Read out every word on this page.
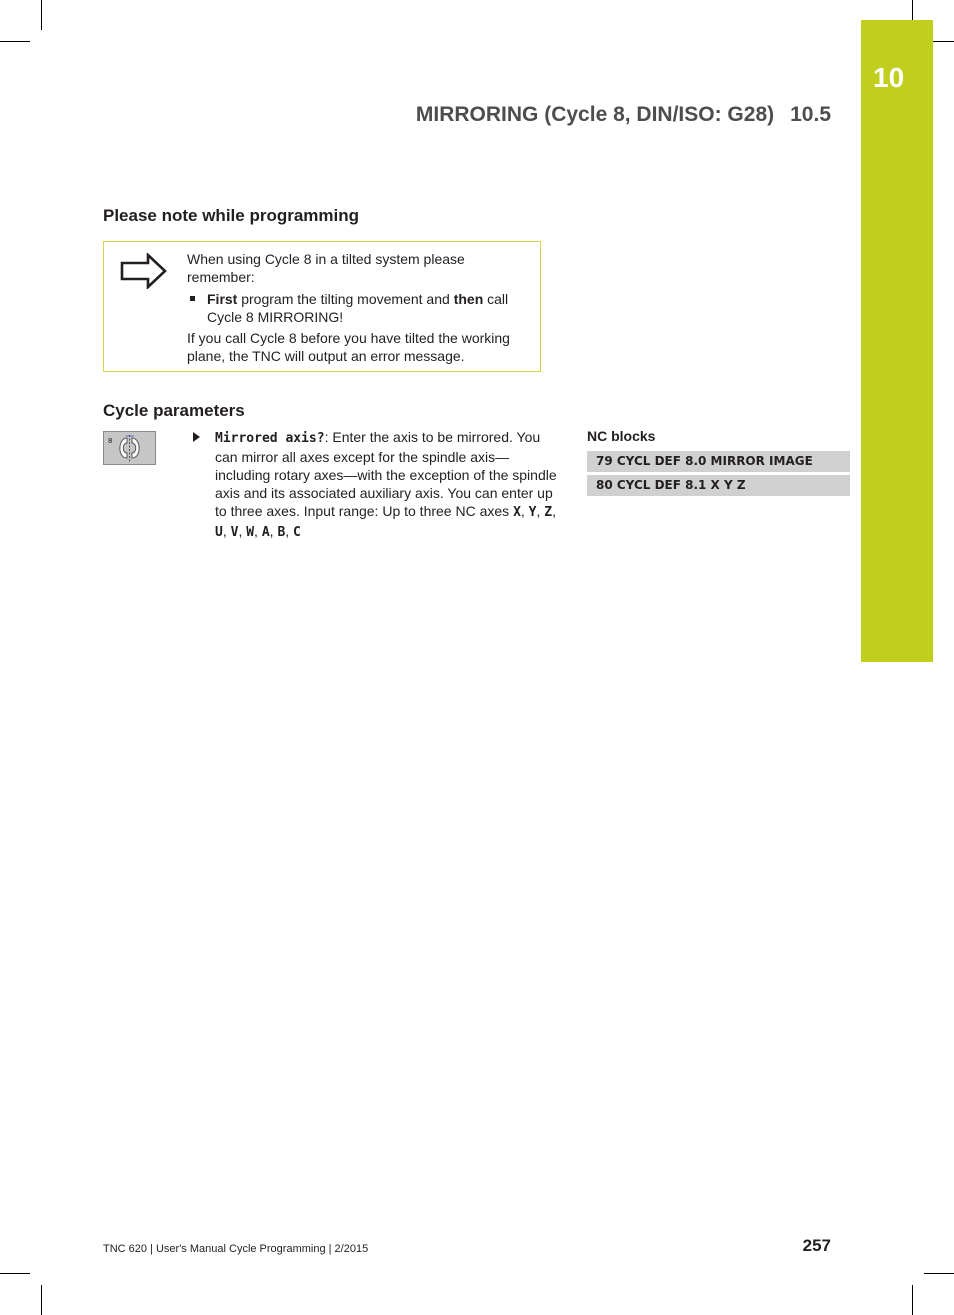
10
MIRRORING (Cycle 8, DIN/ISO: G28) 10.5
Please note while programming

When using Cycle 8 in a tilted system please remember:

First program the tilting movement and then call Cycle 8 MIRRORING!

If you call Cycle 8 before you have tilted the working plane, the TNC will output an error message.

Cycle parameters
8	Mirrored axis?: Enter the axis to be mirrored. You can mirror all axes except for the spindle axis—including rotary axes—with the exception of the spindle axis and its associated auxiliary axis. You can enter up to three axes. Input range: Up to three NC axes X, Y, Z, U, V, W, A, B, C
NC blocks
79 CYCL DEF 8.0 MIRROR IMAGE
80 CYCL DEF 8.1 X Y Z
TNC 620 | User's Manual Cycle Programming | 2/2015	257
